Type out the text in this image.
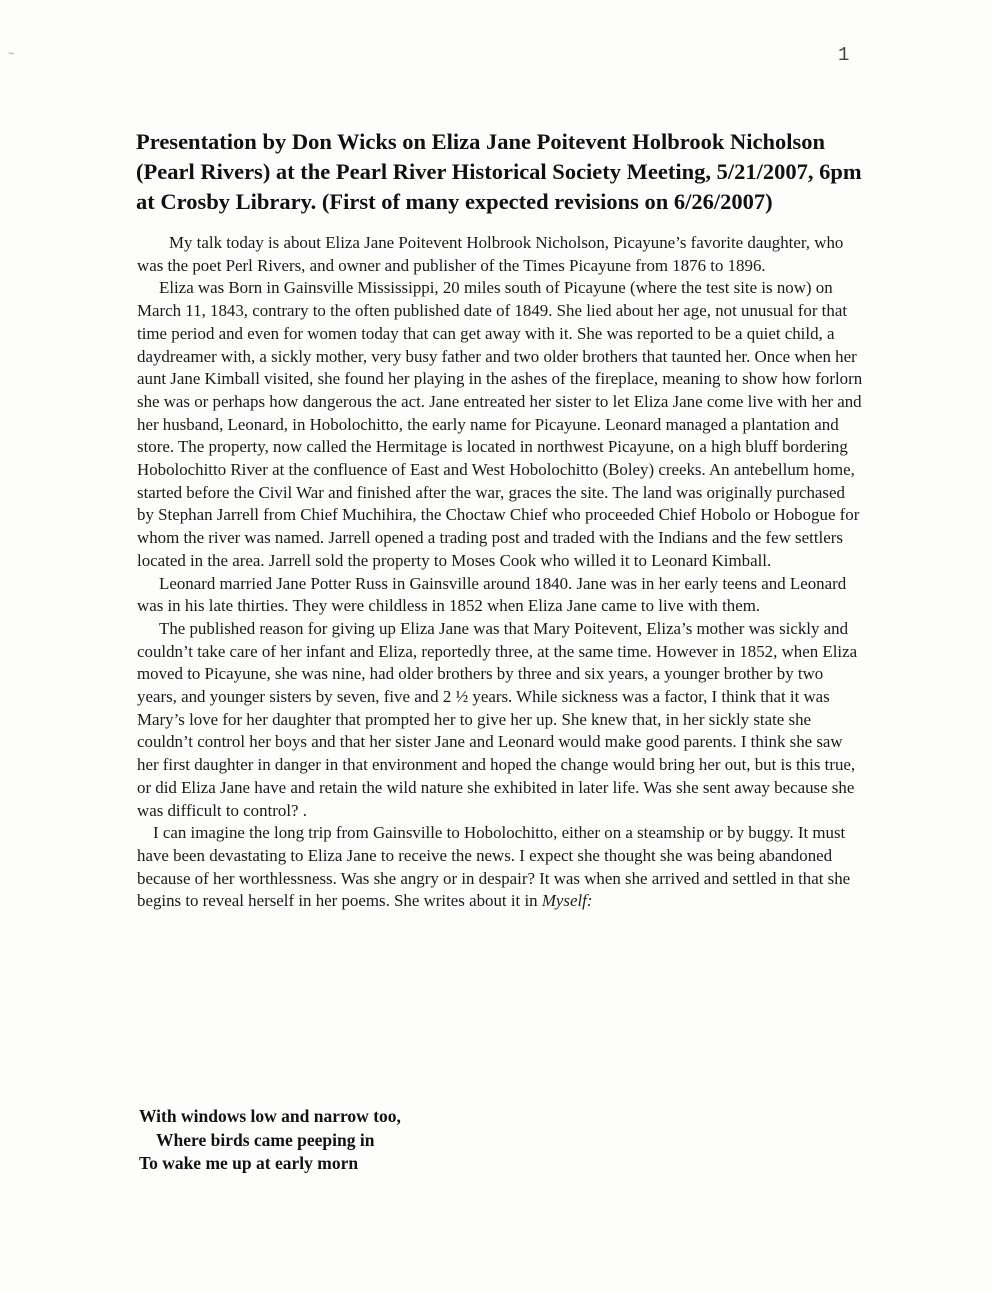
~	1
Presentation by Don Wicks on Eliza Jane Poitevent Holbrook Nicholson (Pearl Rivers) at the Pearl River Historical Society Meeting, 5/21/2007, 6pm at Crosby Library. (First of many expected revisions on 6/26/2007)

My talk today is about Eliza Jane Poitevent Holbrook Nicholson, Picayune’s favorite daughter, who was the poet Perl Rivers, and owner and publisher of the Times Picayune from 1876 to 1896.

Eliza was Born in Gainsville Mississippi, 20 miles south of Picayune (where the test site is now) on March 11, 1843, contrary to the often published date of 1849. She lied about her age, not unusual for that time period and even for women today that can get away with it. She was reported to be a quiet child, a daydreamer with, a sickly mother, very busy father and two older brothers that taunted her. Once when her aunt Jane Kimball visited, she found her playing in the ashes of the fireplace, meaning to show how forlorn she was or perhaps how dangerous the act. Jane entreated her sister to let Eliza Jane come live with her and her husband, Leonard, in Hobolochitto, the early name for Picayune. Leonard managed a plantation and store. The property, now called the Hermitage is located in northwest Picayune, on a high bluff bordering Hobolochitto River at the confluence of East and West Hobolochitto (Boley) creeks. An antebellum home, started before the Civil War and finished after the war, graces the site. The land was originally purchased by Stephan Jarrell from Chief Muchihira, the Choctaw Chief who proceeded Chief Hobolo or Hobogue for whom the river was named. Jarrell opened a trading post and traded with the Indians and the few settlers located in the area. Jarrell sold the property to Moses Cook who willed it to Leonard Kimball.

Leonard married Jane Potter Russ in Gainsville around 1840. Jane was in her early teens and Leonard was in his late thirties. They were childless in 1852 when Eliza Jane came to live with them.

The published reason for giving up Eliza Jane was that Mary Poitevent, Eliza’s mother was sickly and couldn’t take care of her infant and Eliza, reportedly three, at the same time. However in 1852, when Eliza moved to Picayune, she was nine, had older brothers by three and six years, a younger brother by two years, and younger sisters by seven, five and 2 ½ years. While sickness was a factor, I think that it was Mary’s love for her daughter that prompted her to give her up. She knew that, in her sickly state she couldn’t control her boys and that her sister Jane and Leonard would make good parents. I think she saw her first daughter in danger in that environment and hoped the change would bring her out, but is this true, or did Eliza Jane have and retain the wild nature she exhibited in later life. Was she sent away because she was difficult to control? .

I can imagine the long trip from Gainsville to Hobolochitto, either on a steamship or by buggy. It must have been devastating to Eliza Jane to receive the news. I expect she thought she was being abandoned because of her worthlessness. Was she angry or in despair? It was when she arrived and settled in that she begins to reveal herself in her poems. She writes about it in Myself:

With windows low and narrow too,
Where birds came peeping in
To wake me up at early morn
